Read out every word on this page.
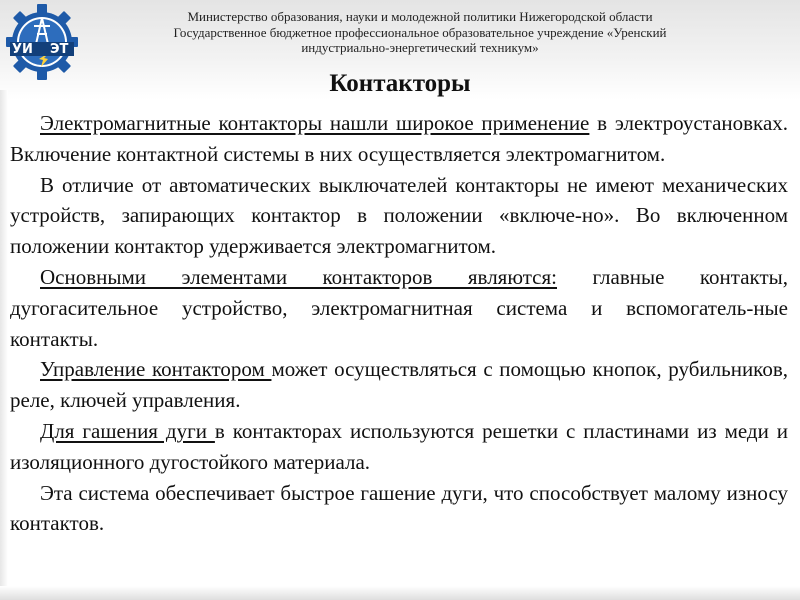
УИ ЭТ
Министерство образования, науки и молодежной политики Нижегородской области
Государственное бюджетное профессиональное образовательное учреждение «Уренский
индустриально-энергетический техникум»
Контакторы

Электромагнитные контакторы нашли широкое применение в электроустановках. Включение контактной системы в них осуществляется электромагнитом.

В отличие от автоматических выключателей контакторы не имеют механических устройств, запирающих контактор в положении «включе-но». Во включенном положении контактор удерживается электромагнитом.

Основными элементами контакторов являются: главные контакты, дугогасительное устройство, электромагнитная система и вспомогатель-ные контакты.

Управление контактором может осуществляться с помощью кнопок, рубильников, реле, ключей управления.

Для гашения дуги в контакторах используются решетки с пластинами из меди и изоляционного дугостойкого материала.

Эта система обеспечивает быстрое гашение дуги, что способствует малому износу контактов.
